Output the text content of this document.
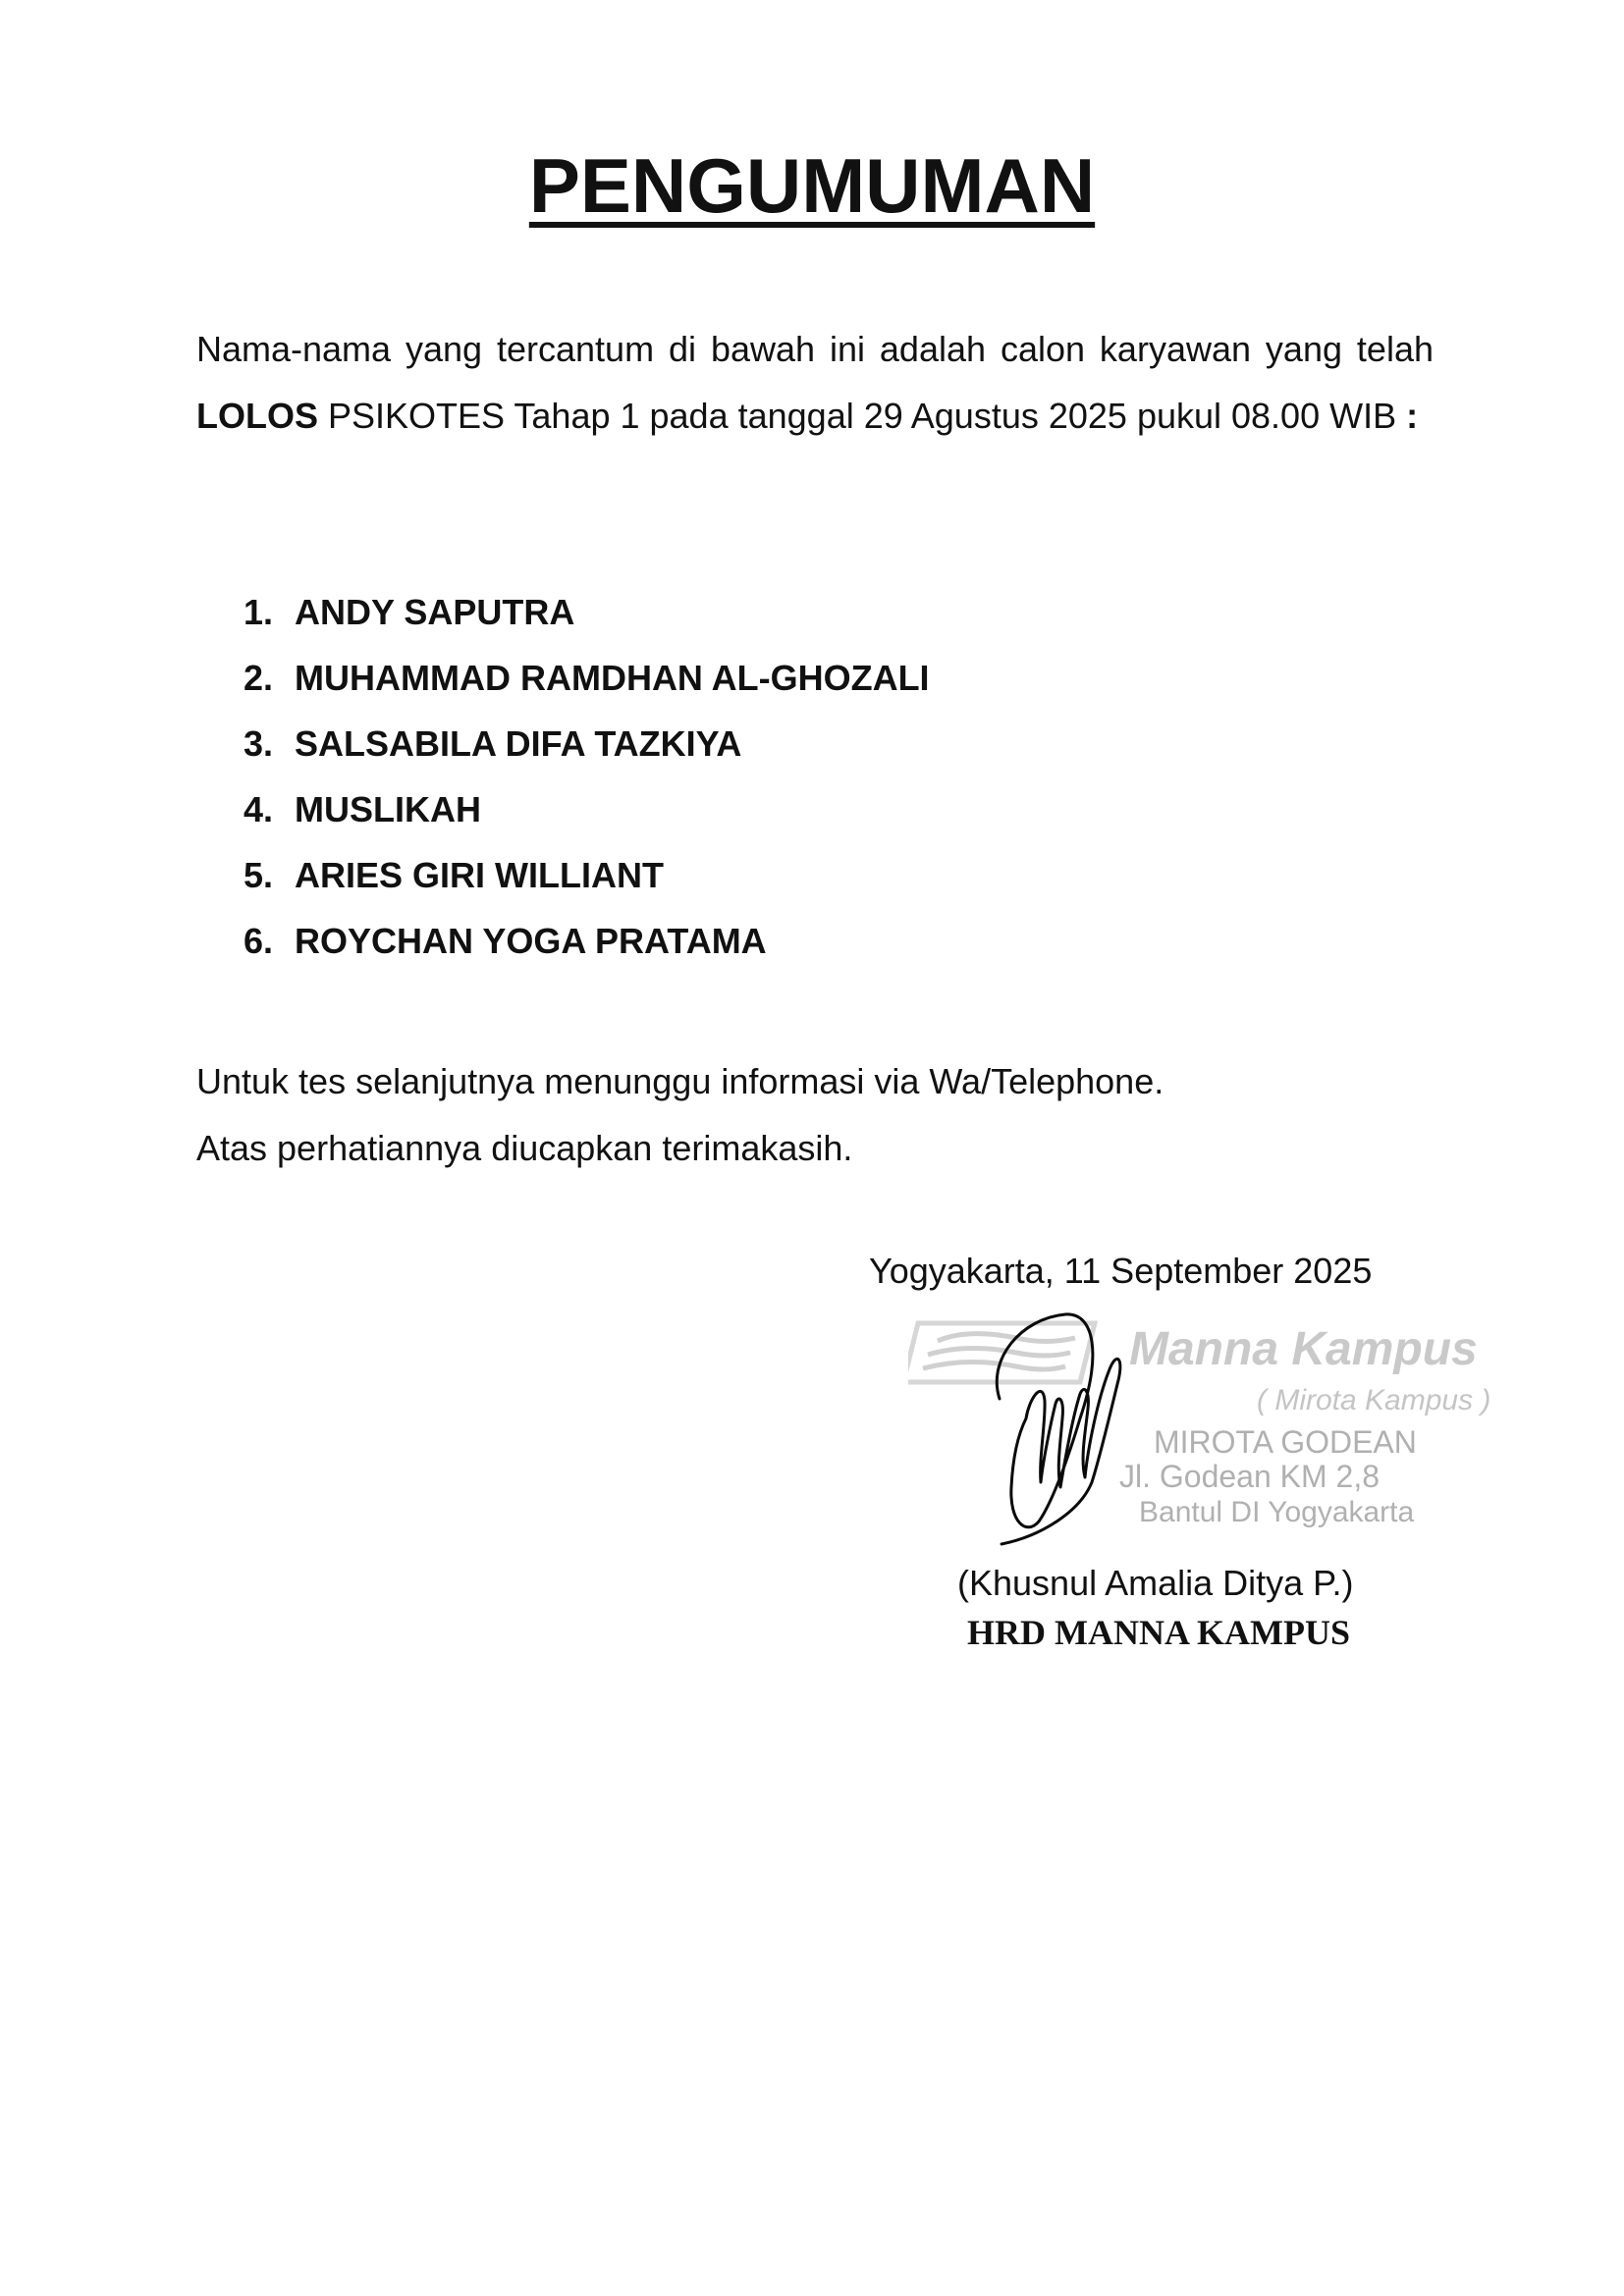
PENGUMUMAN

Nama-nama yang tercantum di bawah ini adalah calon karyawan yang telah LOLOS PSIKOTES Tahap 1 pada tanggal 29 Agustus 2025 pukul 08.00 WIB :

1. ANDY SAPUTRA
2. MUHAMMAD RAMDHAN AL-GHOZALI
3. SALSABILA DIFA TAZKIYA
4. MUSLIKAH
5. ARIES GIRI WILLIANT
6. ROYCHAN YOGA PRATAMA

Untuk tes selanjutnya menunggu informasi via Wa/Telephone.

Atas perhatiannya diucapkan terimakasih.

Yogyakarta, 11 September 2025
Manna Kampus
( Mirota Kampus )
MIROTA GODEAN
Jl. Godean KM 2,8
Bantul DI Yogyakarta
(Khusnul Amalia Ditya P.)
HRD MANNA KAMPUS
